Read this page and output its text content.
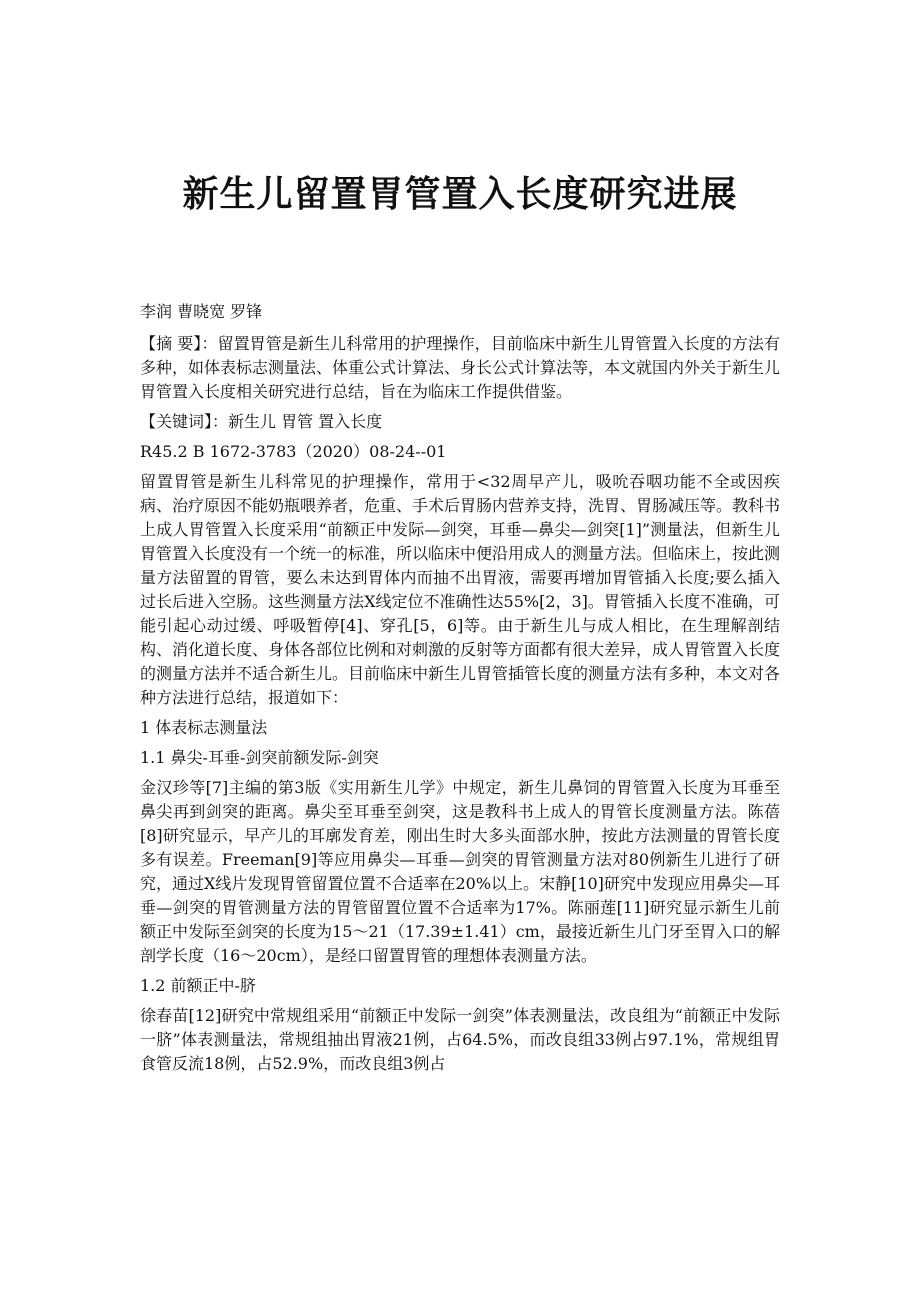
新生儿留置胃管置入长度研究进展

李润 曹晓宽 罗锋

【摘 要】：留置胃管是新生儿科常用的护理操作，目前临床中新生儿胃管置入长度的方法有多种，如体表标志测量法、体重公式计算法、身长公式计算法等，本文就国内外关于新生儿胃管置入长度相关研究进行总结，旨在为临床工作提供借鉴。

【关键词】：新生儿 胃管 置入长度

R45.2 B 1672-3783（2020）08-24--01

留置胃管是新生儿科常见的护理操作，常用于<32周早产儿，吸吮吞咽功能不全或因疾病、治疗原因不能奶瓶喂养者，危重、手术后胃肠内营养支持，洗胃、胃肠减压等。教科书上成人胃管置入长度采用“前额正中发际—剑突，耳垂—鼻尖—剑突[1]”测量法，但新生儿胃管置入长度没有一个统一的标准，所以临床中便沿用成人的测量方法。但临床上，按此测量方法留置的胃管，要么未达到胃体内而抽不出胃液，需要再增加胃管插入长度;要么插入过长后进入空肠。这些测量方法X线定位不准确性达55%[2，3]。胃管插入长度不准确，可能引起心动过缓、呼吸暂停[4]、穿孔[5，6]等。由于新生儿与成人相比，在生理解剖结构、消化道长度、身体各部位比例和对刺激的反射等方面都有很大差异，成人胃管置入长度的测量方法并不适合新生儿。目前临床中新生儿胃管插管长度的测量方法有多种，本文对各种方法进行总结，报道如下：

1 体表标志测量法

1.1 鼻尖-耳垂-剑突前额发际-剑突

金汉珍等[7]主编的第3版《实用新生儿学》中规定，新生儿鼻饲的胃管置入长度为耳垂至鼻尖再到剑突的距离。鼻尖至耳垂至剑突，这是教科书上成人的胃管长度测量方法。陈蓓[8]研究显示，早产儿的耳廓发育差，刚出生时大多头面部水肿，按此方法测量的胃管长度多有误差。Freeman[9]等应用鼻尖—耳垂—剑突的胃管测量方法对80例新生儿进行了研究，通过X线片发现胃管留置位置不合适率在20%以上。宋静[10]研究中发现应用鼻尖—耳垂—剑突的胃管测量方法的胃管留置位置不合适率为17%。陈丽莲[11]研究显示新生儿前额正中发际至剑突的长度为15～21（17.39±1.41）cm，最接近新生儿门牙至胃入口的解剖学长度（16～20cm），是经口留置胃管的理想体表测量方法。

1.2 前额正中-脐

徐春苗[12]研究中常规组采用“前额正中发际一剑突”体表测量法，改良组为“前额正中发际一脐”体表测量法，常规组抽出胃液21例，占64.5%，而改良组33例占97.1%，常规组胃食管反流18例，占52.9%，而改良组3例占
